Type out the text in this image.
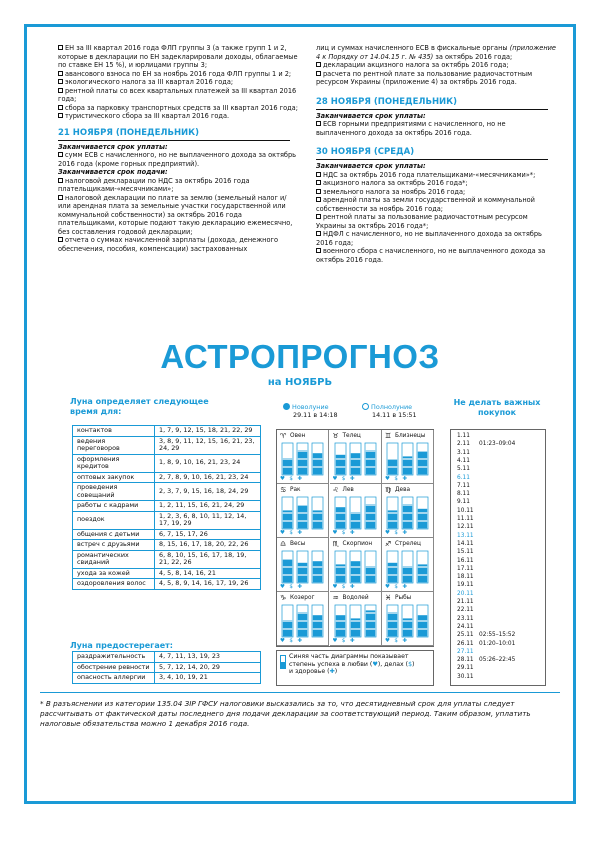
ЕН за III квартал 2016 года ФЛП группы 3 (а также групп 1 и 2, которые в декларации по ЕН задекларировали доходы, облагаемые по ставке ЕН 15 %), и юрлицами группы 3;

авансового взноса по ЕН за ноябрь 2016 года ФЛП группы 1 и 2;

экологического налога за III квартал 2016 года;

рентной платы со всех квартальных платежей за III квартал 2016 года;

сбора за парковку транспортных средств за III квартал 2016 года;

туристического сбора за III квартал 2016 года.

21 НОЯБРЯ (ПОНЕДЕЛЬНИК)
Заканчивается срок уплаты:

сумм ЕСВ с начисленного, но не выплаченного дохода за октябрь 2016 года (кроме горных предприятий).

Заканчивается срок подачи:

налоговой декларации по НДС за октябрь 2016 года плательщиками-«месячниками»;

налоговой декларации по плате за землю (земельный налог и/или арендная плата за земельные участки государственной или коммунальной собственности) за октябрь 2016 года плательщиками, которые подают такую декларацию ежемесячно, без составления годовой декларации;

отчета о суммах начисленной зарплаты (дохода, денежного обеспечения, пособия, компенсации) застрахованных

лиц и суммах начисленного ЕСВ в фискальные органы (приложение 4 к Порядку от 14.04.15 г. № 435) за октябрь 2016 года;

декларации акцизного налога за октябрь 2016 года;

расчета по рентной плате за пользование радиочастотным ресурсом Украины (приложение 4) за октябрь 2016 года.

28 НОЯБРЯ (ПОНЕДЕЛЬНИК)
Заканчивается срок уплаты:

ЕСВ горными предприятиями с начисленного, но не выплаченного дохода за октябрь 2016 года.

30 НОЯБРЯ (СРЕДА)
Заканчивается срок уплаты:

НДС за октябрь 2016 года плательщиками-«месячниками»*;

акцизного налога за октябрь 2016 года*;

земельного налога за ноябрь 2016 года;

арендной платы за земли государственной и коммунальной собственности за ноябрь 2016 года;

рентной платы за пользование радиочастотным ресурсом Украины за октябрь 2016 года*;

НДФЛ с начисленного, но не выплаченного дохода за октябрь 2016 года;

военного сбора с начисленного, но не выплаченного дохода за октябрь 2016 года.

АСТРОПРОГНОЗ
на НОЯБРЬ
Луна определяет следующее время для:
контактов	1, 7, 9, 12, 15, 18, 21, 22, 29
ведения переговоров	3, 8, 9, 11, 12, 15, 16, 21, 23, 24, 29
оформления кредитов	1, 8, 9, 10, 16, 21, 23, 24
оптовых закупок	2, 7, 8, 9, 10, 16, 21, 23, 24
проведения совещаний	2, 3, 7, 9, 15, 16, 18, 24, 29
работы с кадрами	1, 2, 11, 15, 16, 21, 24, 29
поездок	1, 2, 3, 6, 8, 10, 11, 12, 14, 17, 19, 29
общения с детьми	6, 7, 15, 17, 26
встреч с друзьями	8, 15, 16, 17, 18, 20, 22, 26
романтических свиданий	6, 8, 10, 15, 16, 17, 18, 19, 21, 22, 26
ухода за кожей	4, 5, 8, 14, 16, 21
оздоровления волос	4, 5, 8, 9, 14, 16, 17, 19, 26
Луна предостерегает:
раздражительность	4, 7, 11, 13, 19, 23
обострение ревности	5, 7, 12, 14, 20, 29
опасность аллергии	3, 4, 10, 19, 21
Новолуние
29.11 в 14:18
Полнолуние
14.11 в 15:51
♈ Овен
♥$✚
♉ Телец
♥$✚
♊ Близнецы
♥$✚
♋ Рак
♥$✚
♌ Лев
♥$✚
♍ Дева
♥$✚
♎ Весы
♥$✚
♏ Скорпион
♥$✚
♐ Стрелец
♥$✚
♑ Козерог
♥$✚
♒ Водолей
♥$✚
♓ Рыбы
♥$✚
Синяя часть диаграммы показывает
степень успеха в любви (♥), делах ($)
и здоровье (✚)
Не делать важных покупок
1.11
2.11 01:23–09:04
3.11
4.11
5.11
6.11
7.11
8.11
9.11
10.11
11.11
12.11
13.11
14.11
15.11
16.11
17.11
18.11
19.11
20.11
21.11
22.11
23.11
24.11
25.11 02:55–15:52
26.11 01:20–10:01
27.11
28.11 05:26–22:45
29.11
30.11
* В разъяснении из категории 135.04 ЗІР ГФСУ налоговики высказались за то, что десятидневный срок для уплаты следует рассчитывать от фактической даты последнего дня подачи декларации за соответствующий период. Таким образом, уплатить налоговые обязательства можно 1 декабря 2016 года.
